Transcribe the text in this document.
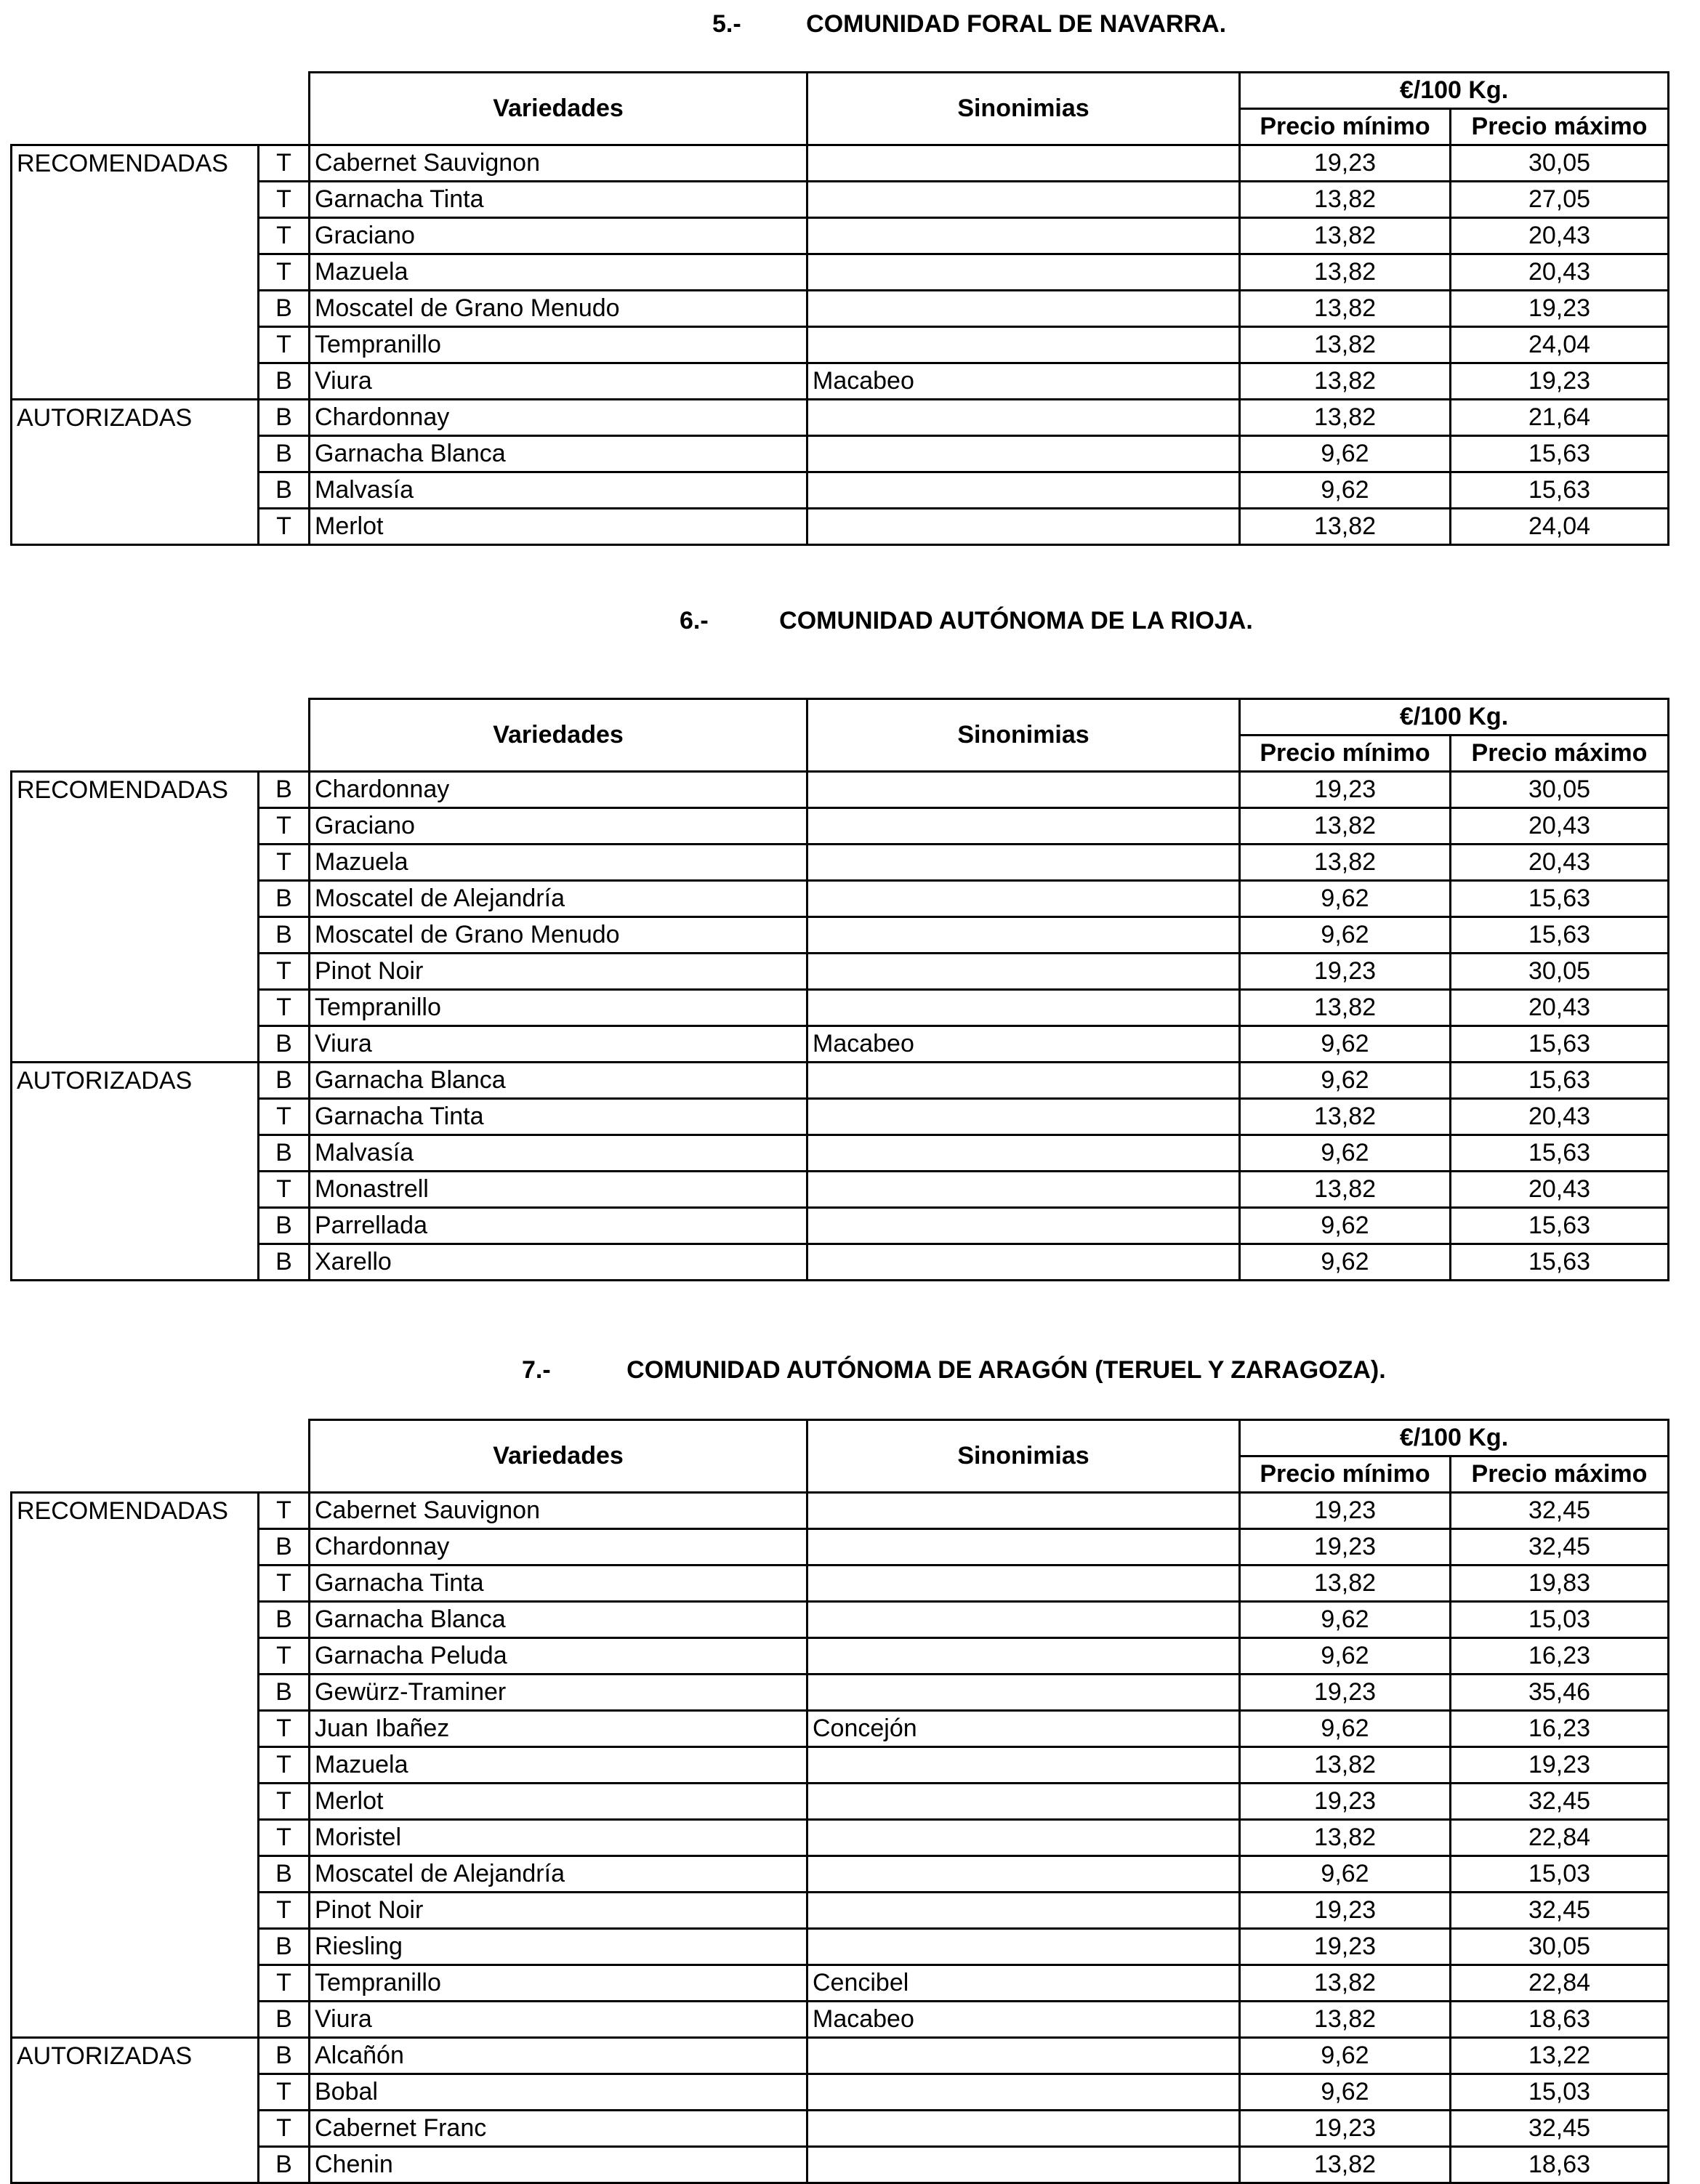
5.-	COMUNIDAD FORAL DE NAVARRA.
		Variedades	Sinonimias	€/100 Kg.	
				Precio mínimo	Precio máximo
RECOMENDADAS	T	Cabernet Sauvignon		19,23	30,05
	T	Garnacha Tinta		13,82	27,05
	T	Graciano		13,82	20,43
	T	Mazuela		13,82	20,43
	B	Moscatel de Grano Menudo		13,82	19,23
	T	Tempranillo		13,82	24,04
	B	Viura	Macabeo	13,82	19,23
AUTORIZADAS	B	Chardonnay		13,82	21,64
	B	Garnacha Blanca		9,62	15,63
	B	Malvasía		9,62	15,63
	T	Merlot		13,82	24,04
6.-	COMUNIDAD AUTÓNOMA DE LA RIOJA.
		Variedades	Sinonimias	€/100 Kg.	
				Precio mínimo	Precio máximo
RECOMENDADAS	B	Chardonnay		19,23	30,05
	T	Graciano		13,82	20,43
	T	Mazuela		13,82	20,43
	B	Moscatel de Alejandría		9,62	15,63
	B	Moscatel de Grano Menudo		9,62	15,63
	T	Pinot Noir		19,23	30,05
	T	Tempranillo		13,82	20,43
	B	Viura	Macabeo	9,62	15,63
AUTORIZADAS	B	Garnacha Blanca		9,62	15,63
	T	Garnacha Tinta		13,82	20,43
	B	Malvasía		9,62	15,63
	T	Monastrell		13,82	20,43
	B	Parrellada		9,62	15,63
	B	Xarello		9,62	15,63
7.-	COMUNIDAD AUTÓNOMA DE ARAGÓN (TERUEL Y ZARAGOZA).
		Variedades	Sinonimias	€/100 Kg.	
				Precio mínimo	Precio máximo
RECOMENDADAS	T	Cabernet Sauvignon		19,23	32,45
	B	Chardonnay		19,23	32,45
	T	Garnacha Tinta		13,82	19,83
	B	Garnacha Blanca		9,62	15,03
	T	Garnacha Peluda		9,62	16,23
	B	Gewürz-Traminer		19,23	35,46
	T	Juan Ibañez	Concejón	9,62	16,23
	T	Mazuela		13,82	19,23
	T	Merlot		19,23	32,45
	T	Moristel		13,82	22,84
	B	Moscatel de Alejandría		9,62	15,03
	T	Pinot Noir		19,23	32,45
	B	Riesling		19,23	30,05
	T	Tempranillo	Cencibel	13,82	22,84
	B	Viura	Macabeo	13,82	18,63
AUTORIZADAS	B	Alcañón		9,62	13,22
	T	Bobal		9,62	15,03
	T	Cabernet Franc		19,23	32,45
	B	Chenin		13,82	18,63
